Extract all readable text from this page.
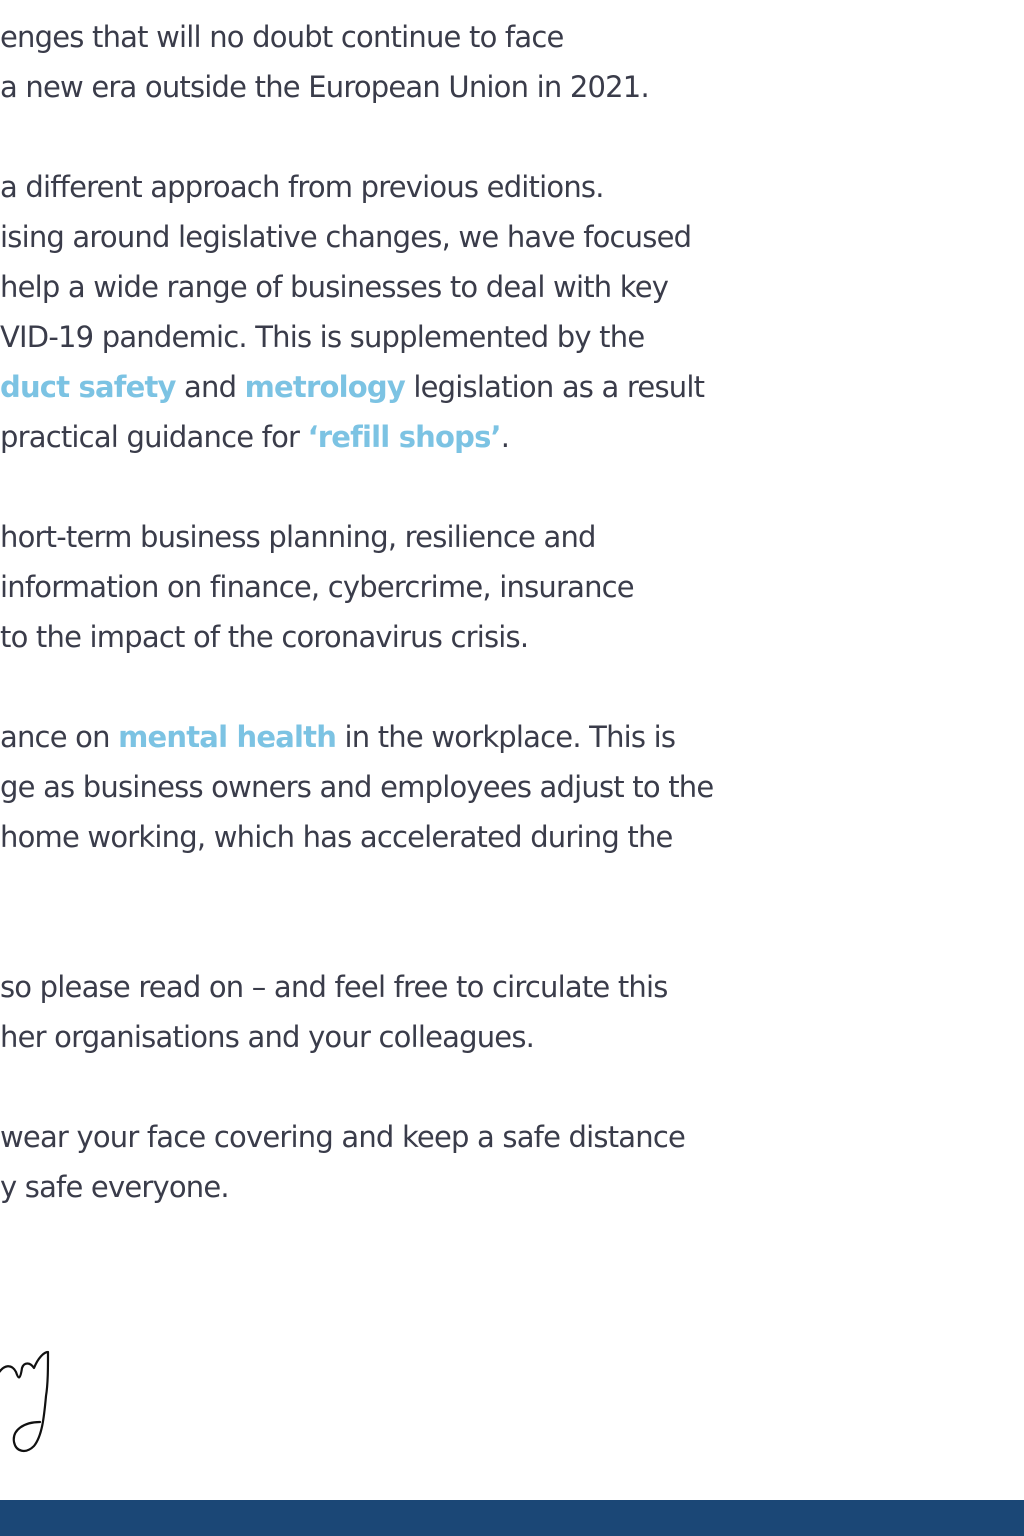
enges that will no doubt continue to face
a new era outside the European Union in 2021.
a different approach from previous editions.
ising around legislative changes, we have focused
help a wide range of businesses to deal with key
VID-19 pandemic. This is supplemented by the
duct safety and metrology legislation as a result
practical guidance for ‘refill shops’.
hort-term business planning, resilience and
information on finance, cybercrime, insurance
to the impact of the coronavirus crisis.
ance on mental health in the workplace. This is
ge as business owners and employees adjust to the
home working, which has accelerated during the
so please read on – and feel free to circulate this
her organisations and your colleagues.
wear your face covering and keep a safe distance
y safe everyone.
